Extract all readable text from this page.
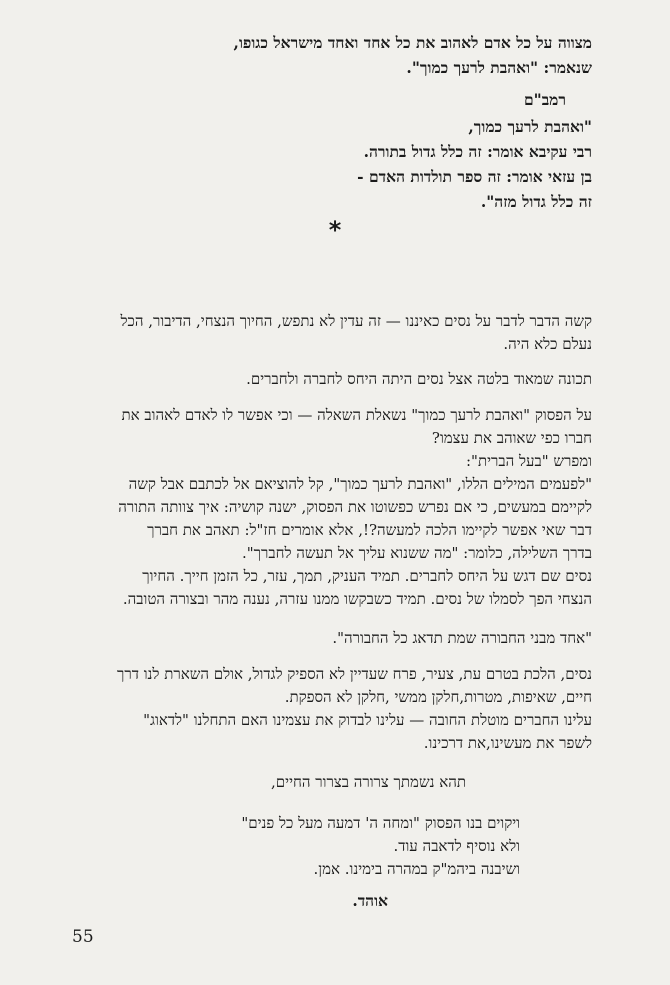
מצווה על כל אדם לאהוב את כל אחד ואחד מישראל כגופו,
שנאמר: "ואהבת לרעך כמוך".
רמב"ם
"ואהבת לרעך כמוך,
רבי עקיבא אומר: זה כלל גדול בתורה.
בן עזאי אומר: זה ספר תולדות האדם -
זה כלל גדול מזה".
*
קשה הדבר לדבר על נסים כאיננו — זה עדין לא נתפש, החיוך הנצחי, הדיבור, הכל
נעלם כלא היה.
תכונה שמאוד בלטה אצל נסים היתה היחס לחברה ולחברים.
על הפסוק "ואהבת לרעך כמוך" נשאלת השאלה — וכי אפשר לו לאדם לאהוב את
חברו כפי שאוהב את עצמו?
ומפרש "בעל הברית":
"לפעמים המילים הללו, "ואהבת לרעך כמוך", קל להוציאם אל לכתבם אבל קשה
לקיימם במעשים, כי אם נפרש כפשוטו את הפסוק, ישנה קושיה: איך צוותה התורה
דבר שאי אפשר לקיימו הלכה למעשה?!, אלא אומרים חז"ל: תאהב את חברך
בדרך השלילה, כלומר: "מה ששנוא עליך אל תעשה לחברך".
נסים שם דגש על היחס לחברים. תמיד העניק, תמך, עזר, כל הזמן חייך. החיוך
הנצחי הפך לסמלו של נסים. תמיד כשבקשו ממנו עזרה, נענה מהר ובצורה הטובה.
"אחד מבני החבורה שמת תדאג כל החבורה".
נסים, הלכת בטרם עת, צעיר, פרח שעדיין לא הספיק לגדול, אולם השארת לנו דרך
חיים, שאיפות, מטרות,חלקן ממשי ,חלקן לא הספקת.
עלינו החברים מוטלת החובה — עלינו לבדוק את עצמינו האם התחלנו "לדאוג"
לשפר את מעשינו,את דרכינו.
תהא נשמתך צרורה בצרור החיים,
ויקוים בנו הפסוק "ומחה ה' דמעה מעל כל פנים"
ולא נוסיף לדאבה עוד.
ושיבנה ביהמ"ק במהרה בימינו. אמן.
אוהד.
55
